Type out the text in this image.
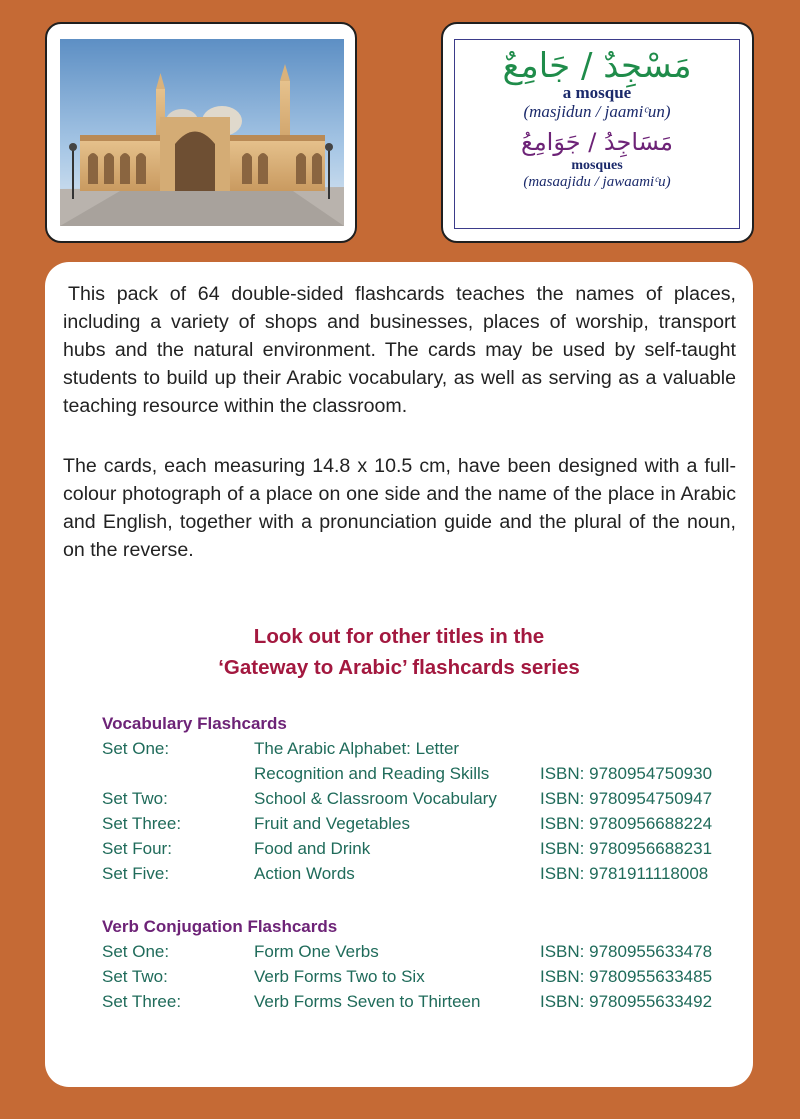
مَسْجِدٌ / جَامِعٌ
a mosque
(masjidun / jaamiᶜun)
مَسَاجِدُ / جَوَامِعُ
mosques
(masaajidu / jawaamiᶜu)

This pack of 64 double-sided flashcards teaches the names of places, including a variety of shops and businesses, places of worship, transport hubs and the natural environment. The cards may be used by self-taught students to build up their Arabic vocabulary, as well as serving as a valuable teaching resource within the classroom.

The cards, each measuring 14.8 x 10.5 cm, have been designed with a full-colour photograph of a place on one side and the name of the place in Arabic and English, together with a pronunciation guide and the plural of the noun, on the reverse.

Look out for other titles in the
‘Gateway to Arabic’ flashcards series
Vocabulary Flashcards
Set One:	The Arabic Alphabet: Letter
Recognition and Reading Skills	ISBN: 9780954750930
Set Two:	School & Classroom Vocabulary	ISBN: 9780954750947
Set Three:	Fruit and Vegetables	ISBN: 9780956688224
Set Four:	Food and Drink	ISBN: 9780956688231
Set Five:	Action Words	ISBN: 9781911118008
Verb Conjugation Flashcards
Set One:	Form One Verbs	ISBN: 9780955633478
Set Two:	Verb Forms Two to Six	ISBN: 9780955633485
Set Three:	Verb Forms Seven to Thirteen	ISBN: 9780955633492
